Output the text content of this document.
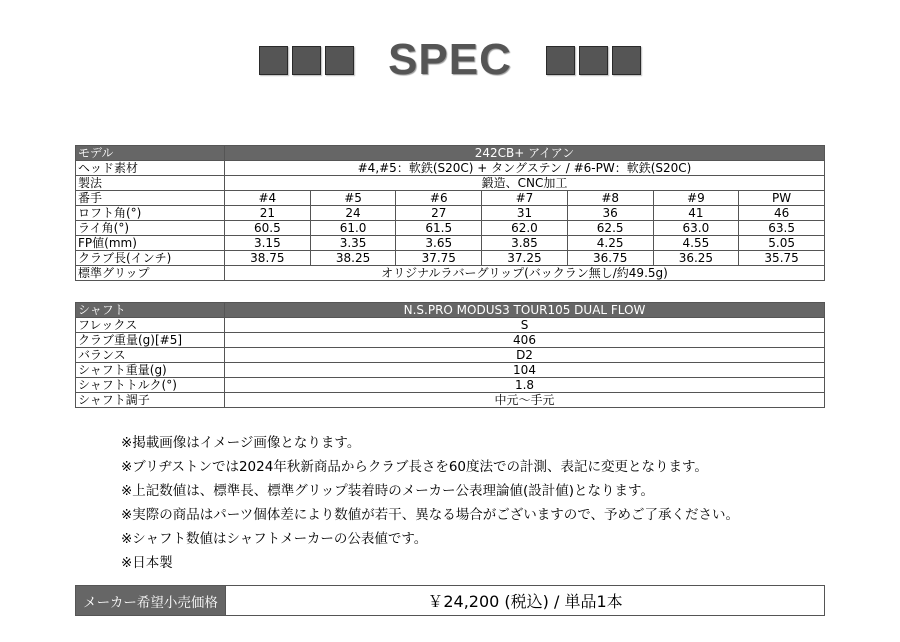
SPEC
モデル	242CB+ アイアン						
ヘッド素材	#4,#5：軟鉄(S20C) + タングステン / #6-PW：軟鉄(S20C)						
製法	鍛造、CNC加工						
番手	#4	#5	#6	#7	#8	#9	PW
ロフト角(°)	21	24	27	31	36	41	46
ライ角(°)	60.5	61.0	61.5	62.0	62.5	63.0	63.5
FP値(mm)	3.15	3.35	3.65	3.85	4.25	4.55	5.05
クラブ長(インチ)	38.75	38.25	37.75	37.25	36.75	36.25	35.75
標準グリップ	オリジナルラバーグリップ(バックラン無し/約49.5g)						
シャフト	N.S.PRO MODUS3 TOUR105 DUAL FLOW
フレックス	S
クラブ重量(g)[#5]	406
バランス	D2
シャフト重量(g)	104
シャフトトルク(°)	1.8
シャフト調子	中元〜手元
※掲載画像はイメージ画像となります。
※ブリヂストンでは2024年秋新商品からクラブ長さを60度法での計測、表記に変更となります。
※上記数値は、標準長、標準グリップ装着時のメーカー公表理論値(設計値)となります。
※実際の商品はパーツ個体差により数値が若干、異なる場合がございますので、予めご了承ください。
※シャフト数値はシャフトメーカーの公表値です。
※日本製
メーカー希望小売価格	￥24,200 (税込) / 単品1本
